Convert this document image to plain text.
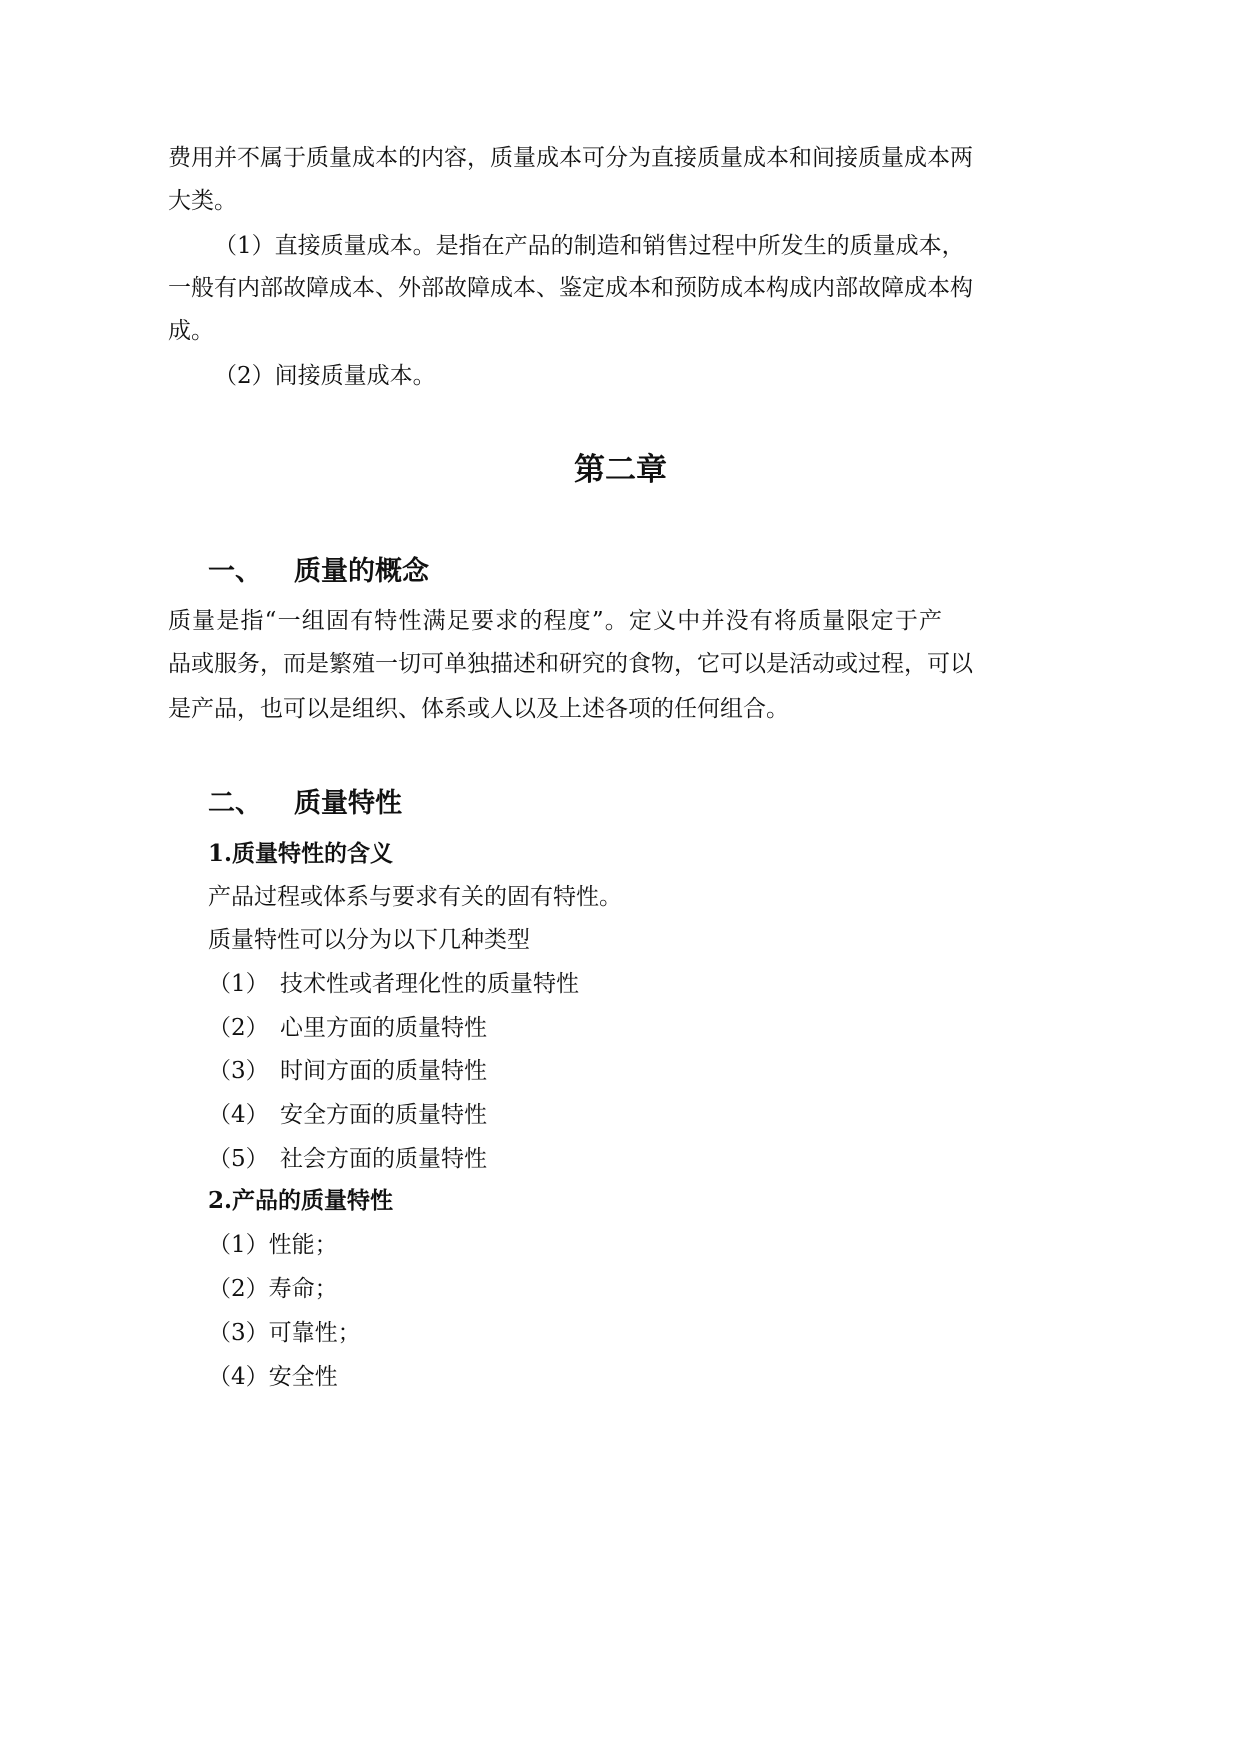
费用并不属于质量成本的内容，质量成本可分为直接质量成本和间接质量成本两
大类。
（1）直接质量成本。是指在产品的制造和销售过程中所发生的质量成本，
一般有内部故障成本、外部故障成本、鉴定成本和预防成本构成内部故障成本构
成。
（2）间接质量成本。
第二章
一、 质量的概念
质量是指“一组固有特性满足要求的程度”。定义中并没有将质量限定于产
品或服务，而是繁殖一切可单独描述和研究的食物，它可以是活动或过程，可以
是产品，也可以是组织、体系或人以及上述各项的任何组合。
二、 质量特性
1.质量特性的含义
产品过程或体系与要求有关的固有特性。
质量特性可以分为以下几种类型
（1） 技术性或者理化性的质量特性
（2） 心里方面的质量特性
（3） 时间方面的质量特性
（4） 安全方面的质量特性
（5） 社会方面的质量特性
2.产品的质量特性
（1）性能；
（2）寿命；
（3）可靠性；
（4）安全性
